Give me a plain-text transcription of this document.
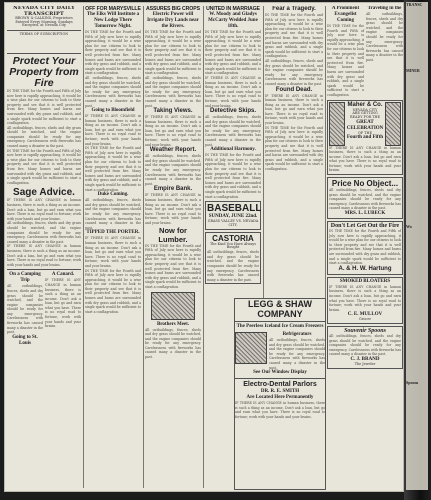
NEVADA CITY DAILY TRANSCRIPT
BROWN & CALKINS, Proprietors
Entered Every Morning, Sundays Excepted, at Nevada City
TERMS OF SUBSCRIPTION
Protect Your Property from Fire
IN THE TIME for the Fourth and Fifth of July now here is rapidly approaching, it would be a wise plan for our citizens to look to their property and see that it is well protected from fire. Many homes and barns are surrounded with dry grass and rubbish, and a single spark would be sufficient to start a conflagration.
All outbuildings, fences, sheds and dry grass should be watched, and the engine companies should be ready for any emergency. Carelessness with fireworks has caused many a disaster in the past.
IN THE TIME for the Fourth and Fifth of July now here is rapidly approaching, it would be a wise plan for our citizens to look to their property and see that it is well protected from fire. Many homes and barns are surrounded with dry grass and rubbish, and a single spark would be sufficient to start a conflagration.
Sage Advice.
IF THERE IS ANY CHANGE in human business, there is such a thing as an income. Don't ask a loan, but go and earn what you have. There is no royal road to fortune; work with your hands and your brains.
All outbuildings, fences, sheds and dry grass should be watched, and the engine companies should be ready for any emergency. Carelessness with fireworks has caused many a disaster in the past.
IF THERE IS ANY CHANGE in human business, there is such a thing as an income. Don't ask a loan, but go and earn what you have. There is no royal road to fortune; work with your hands and your brains.
On a Camping Trip
All outbuildings, fences, sheds and dry grass should be watched, and the engine companies should be ready for any emergency. Carelessness with fireworks has caused many a disaster in the past.
Going to St. Louis
A Canard.
IF THERE IS ANY CHANGE in human business, there is such a thing as an income. Don't ask a loan, but go and earn what you have. There is no royal road to fortune; work with your hands and your brains.
OFF FOR MARYSVILLE
The Elks Will Institute a New Lodge There Tomorrow Night.
IN THE TIME for the Fourth and Fifth of July now here is rapidly approaching, it would be a wise plan for our citizens to look to their property and see that it is well protected from fire. Many homes and barns are surrounded with dry grass and rubbish, and a single spark would be sufficient to start a conflagration.
All outbuildings, fences, sheds and dry grass should be watched, and the engine companies should be ready for any emergency. Carelessness with fireworks has caused many a disaster in the past.
Going to Bloomfield
IF THERE IS ANY CHANGE in human business, there is such a thing as an income. Don't ask a loan, but go and earn what you have. There is no royal road to fortune; work with your hands and your brains.
IN THE TIME for the Fourth and Fifth of July now here is rapidly approaching, it would be a wise plan for our citizens to look to their property and see that it is well protected from fire. Many homes and barns are surrounded with dry grass and rubbish, and a single spark would be sufficient to start a conflagration.
Duke Coming.
All outbuildings, fences, sheds and dry grass should be watched, and the engine companies should be ready for any emergency. Carelessness with fireworks has caused many a disaster in the past.
TIPPED THE PORTER.
IF THERE IS ANY CHANGE in human business, there is such a thing as an income. Don't ask a loan, but go and earn what you have. There is no royal road to fortune; work with your hands and your brains.
IN THE TIME for the Fourth and Fifth of July now here is rapidly approaching, it would be a wise plan for our citizens to look to their property and see that it is well protected from fire. Many homes and barns are surrounded with dry grass and rubbish, and a single spark would be sufficient to start a conflagration.
ASSURES BIG CROPS
Electric Power will Irrigate Dry Lands near the Rivers.
IN THE TIME for the Fourth and Fifth of July now here is rapidly approaching, it would be a wise plan for our citizens to look to their property and see that it is well protected from fire. Many homes and barns are surrounded with dry grass and rubbish, and a single spark would be sufficient to start a conflagration.
All outbuildings, fences, sheds and dry grass should be watched, and the engine companies should be ready for any emergency. Carelessness with fireworks has caused many a disaster in the past.
Taking Views.
IF THERE IS ANY CHANGE in human business, there is such a thing as an income. Don't ask a loan, but go and earn what you have. There is no royal road to fortune; work with your hands and your brains.
Weather Report.
All outbuildings, fences, sheds and dry grass should be watched, and the engine companies should be ready for any emergency. Carelessness with fireworks has caused many a disaster in the past.
Empire Bank.
IF THERE IS ANY CHANGE in human business, there is such a thing as an income. Don't ask a loan, but go and earn what you have. There is no royal road to fortune; work with your hands and your brains.
Now for Lumber.
IN THE TIME for the Fourth and Fifth of July now here is rapidly approaching, it would be a wise plan for our citizens to look to their property and see that it is well protected from fire. Many homes and barns are surrounded with dry grass and rubbish, and a single spark would be sufficient to start a conflagration.
Brothers Meet.
All outbuildings, fences, sheds and dry grass should be watched, and the engine companies should be ready for any emergency. Carelessness with fireworks has caused many a disaster in the past.
UNITED IN MARRIAGE
W. Moody and Gladys McCarty Wedded June 18th.
IN THE TIME for the Fourth and Fifth of July now here is rapidly approaching, it would be a wise plan for our citizens to look to their property and see that it is well protected from fire. Many homes and barns are surrounded with dry grass and rubbish, and a single spark would be sufficient to start a conflagration.
IF THERE IS ANY CHANGE in human business, there is such a thing as an income. Don't ask a loan, but go and earn what you have. There is no royal road to fortune; work with your hands and your brains.
Detective Skips.
All outbuildings, fences, sheds and dry grass should be watched, and the engine companies should be ready for any emergency. Carelessness with fireworks has caused many a disaster in the past.
Additional Harmony.
IN THE TIME for the Fourth and Fifth of July now here is rapidly approaching, it would be a wise plan for our citizens to look to their property and see that it is well protected from fire. Many homes and barns are surrounded with dry grass and rubbish, and a single spark would be sufficient to start a conflagration.
BASEBALL
SUNDAY, JUNE 22nd.
GRASS VALLEY VS. NEVADA CITY.
CASTORIA
The Kind You Have Always Bought
All outbuildings, fences, sheds and dry grass should be watched, and the engine companies should be ready for any emergency. Carelessness with fireworks has caused many a disaster in the past.
Fear a Tragedy.
IN THE TIME for the Fourth and Fifth of July now here is rapidly approaching, it would be a wise plan for our citizens to look to their property and see that it is well protected from fire. Many homes and barns are surrounded with dry grass and rubbish, and a single spark would be sufficient to start a conflagration.
All outbuildings, fences, sheds and dry grass should be watched, and the engine companies should be ready for any emergency. Carelessness with fireworks has caused many a disaster in the past.
Found Dead.
IF THERE IS ANY CHANGE in human business, there is such a thing as an income. Don't ask a loan, but go and earn what you have. There is no royal road to fortune; work with your hands and your brains.
IN THE TIME for the Fourth and Fifth of July now here is rapidly approaching, it would be a wise plan for our citizens to look to their property and see that it is well protected from fire. Many homes and barns are surrounded with dry grass and rubbish, and a single spark would be sufficient to start a conflagration.
LEGG & SHAW COMPANY
The Peerless Iceland Ice Cream Freezers
Refrigerators
All outbuildings, fences, sheds and dry grass should be watched, and the engine companies should be ready for any emergency. Carelessness with fireworks has caused many a disaster in the past.
See Our Window Display
Electro-Dental Parlors
DR. R. E. SMITH
Are Located Here Permanently
IF THERE IS ANY CHANGE in human business, there is such a thing as an income. Don't ask a loan, but go and earn what you have. There is no royal road to fortune; work with your hands and your brains.
A Prominent Evangelist Coming
IN THE TIME for the Fourth and Fifth of July now here is rapidly approaching, it would be a wise plan for our citizens to look to their property and see that it is well protected from fire. Many homes and barns are surrounded with dry grass and rubbish, and a single spark would be sufficient to start a conflagration.
Traveling in the
All outbuildings, fences, sheds and dry grass should be watched, and the engine companies should be ready for any emergency. Carelessness with fireworks has caused many a disaster in the past.
Maher & Co.
NEVADA CITY
ARE GETTING READY FOR THE
GREAT CELEBRATION
OF THE
Fourth and Fifth
IF THERE IS ANY CHANGE in human business, there is such a thing as an income. Don't ask a loan, but go and earn what you have. There is no royal road to fortune; work with your hands and your brains.
Price No Object...
All outbuildings, fences, sheds and dry grass should be watched, and the engine companies should be ready for any emergency. Carelessness with fireworks has caused many a disaster in the past.
MRS. L. LUBECK
Don't Let Get Out the Fire
IN THE TIME for the Fourth and Fifth of July now here is rapidly approaching, it would be a wise plan for our citizens to look to their property and see that it is well protected from fire. Many homes and barns are surrounded with dry grass and rubbish, and a single spark would be sufficient to start a conflagration.
A. & H. W. Hartung
SMOKED BLOATERS
IF THERE IS ANY CHANGE in human business, there is such a thing as an income. Don't ask a loan, but go and earn what you have. There is no royal road to fortune; work with your hands and your brains.
C. E. MULLOV
Grocer
Souvenir Spoons
All outbuildings, fences, sheds and dry grass should be watched, and the engine companies should be ready for any emergency. Carelessness with fireworks has caused many a disaster in the past.
C. J. BRAND
The Jeweler
TRANSC
MINER
Wo
Spoons
